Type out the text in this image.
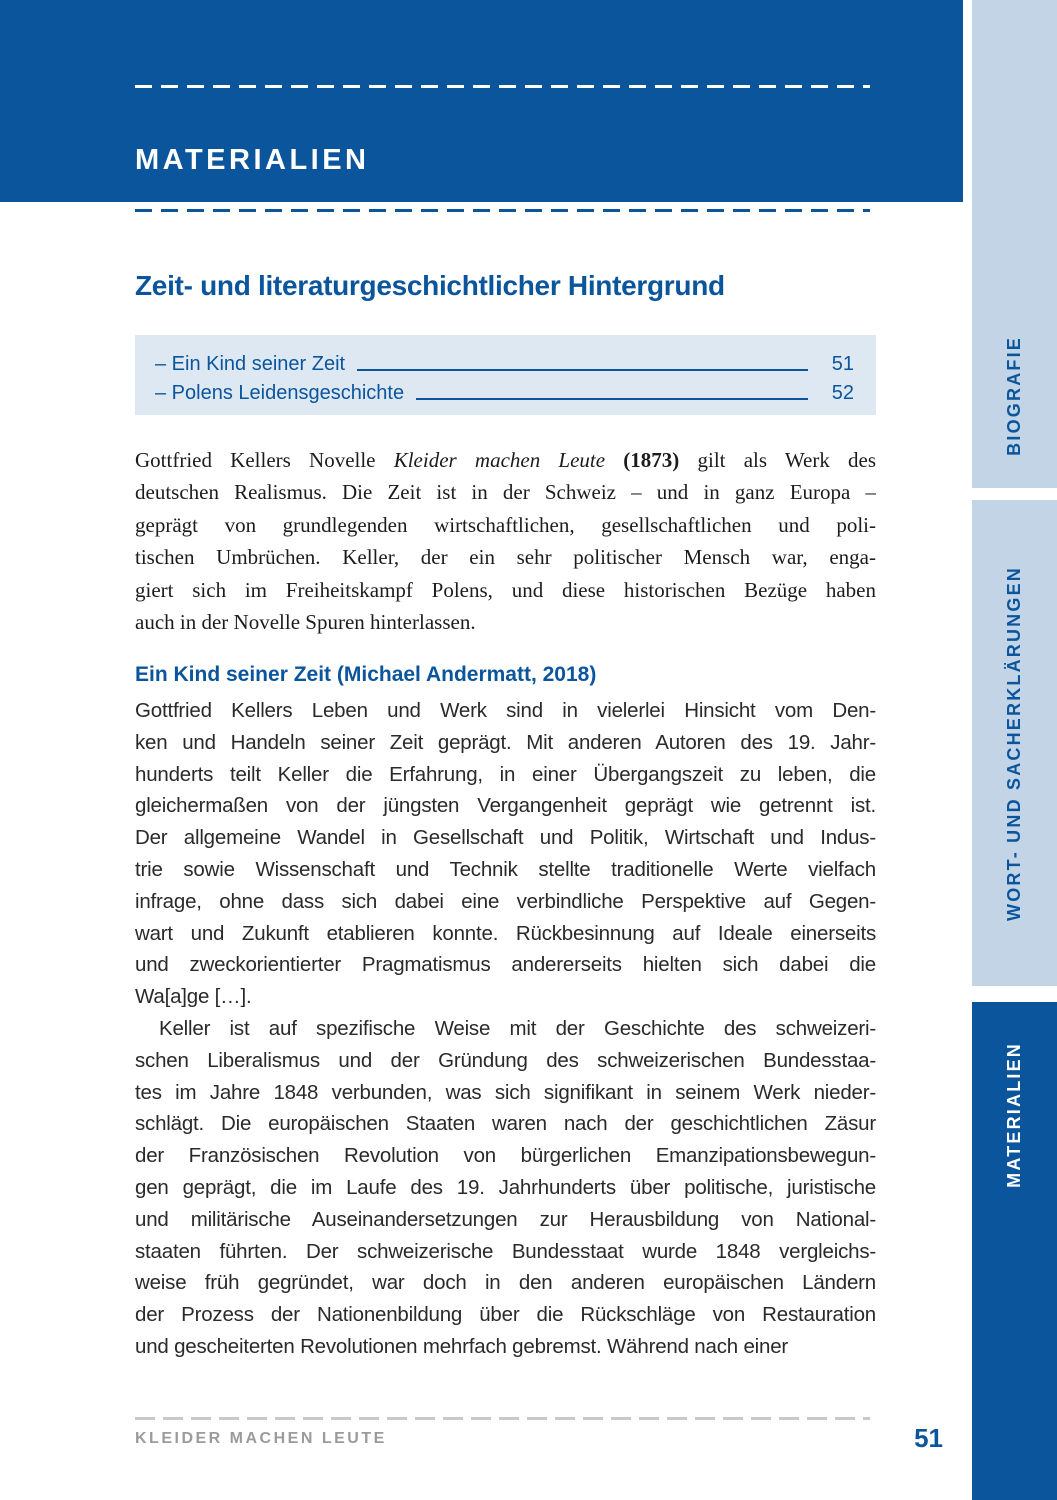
MATERIALIEN
BIOGRAFIE
WORT- UND SACHERKLÄRUNGEN
MATERIALIEN
Zeit- und literaturgeschichtlicher Hintergrund
– Ein Kind seiner Zeit	51
– Polens Leidensgeschichte	52
Gottfried Kellers Novelle Kleider machen Leute (1873) gilt als Werk des
deutschen Realismus. Die Zeit ist in der Schweiz – und in ganz Europa –
geprägt von grundlegenden wirtschaftlichen, gesellschaftlichen und poli-
tischen Umbrüchen. Keller, der ein sehr politischer Mensch war, enga-
giert sich im Freiheitskampf Polens, und diese historischen Bezüge haben
auch in der Novelle Spuren hinterlassen.
Ein Kind seiner Zeit (Michael Andermatt, 2018)
Gottfried Kellers Leben und Werk sind in vielerlei Hinsicht vom Den-
ken und Handeln seiner Zeit geprägt. Mit anderen Autoren des 19. Jahr-
hunderts teilt Keller die Erfahrung, in einer Übergangszeit zu leben, die
gleichermaßen von der jüngsten Vergangenheit geprägt wie getrennt ist.
Der allgemeine Wandel in Gesellschaft und Politik, Wirtschaft und Indus-
trie sowie Wissenschaft und Technik stellte traditionelle Werte vielfach
infrage, ohne dass sich dabei eine verbindliche Perspektive auf Gegen-
wart und Zukunft etablieren konnte. Rückbesinnung auf Ideale einerseits
und zweckorientierter Pragmatismus andererseits hielten sich dabei die
Wa[a]ge […].
Keller ist auf spezifische Weise mit der Geschichte des schweizeri-
schen Liberalismus und der Gründung des schweizerischen Bundesstaa-
tes im Jahre 1848 verbunden, was sich signifikant in seinem Werk nieder-
schlägt. Die europäischen Staaten waren nach der geschichtlichen Zäsur
der Französischen Revolution von bürgerlichen Emanzipationsbewegun-
gen geprägt, die im Laufe des 19. Jahrhunderts über politische, juristische
und militärische Auseinandersetzungen zur Herausbildung von National-
staaten führten. Der schweizerische Bundesstaat wurde 1848 vergleichs-
weise früh gegründet, war doch in den anderen europäischen Ländern
der Prozess der Nationenbildung über die Rückschläge von Restauration
und gescheiterten Revolutionen mehrfach gebremst. Während nach einer
KLEIDER MACHEN LEUTE	51
